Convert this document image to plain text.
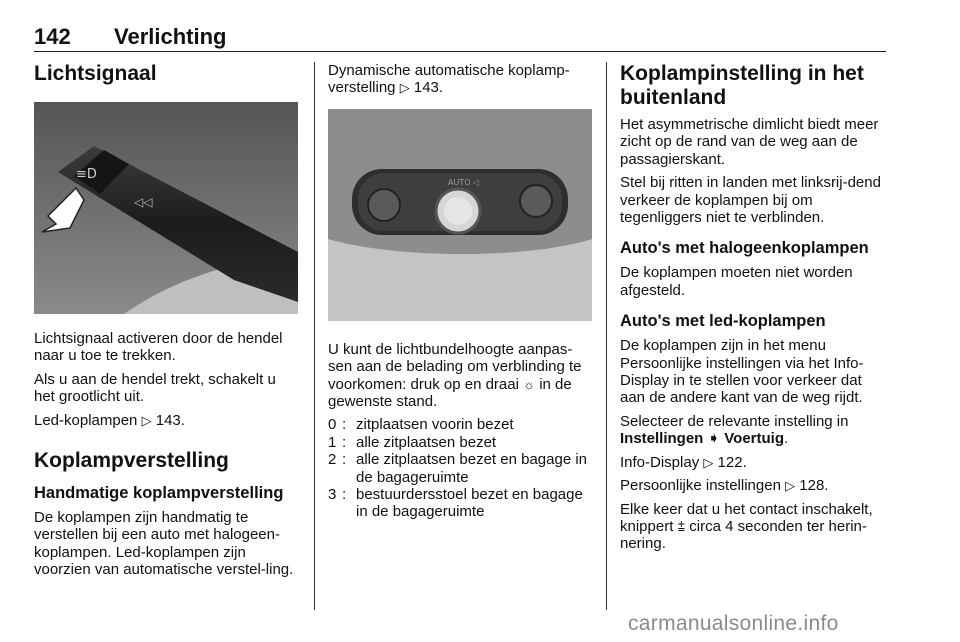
142 Verlichting
Lichtsignaal
≡D
◁◁

Lichtsignaal activeren door de hendel naar u toe te trekken.

Als u aan de hendel trekt, schakelt u het grootlicht uit.

Led-koplampen ▷ 143.

Koplampverstelling
Handmatige koplampverstelling

De koplampen zijn handmatig te verstellen bij een auto met halogeen-koplampen. Led-koplampen zijn voorzien van automatische verstel-ling.

Dynamische automatische koplamp-verstelling ▷ 143.

AUTO ◁

U kunt de lichtbundelhoogte aanpas-sen aan de belading om verblinding te voorkomen: druk op en draai ☼ in de gewenste stand.

0 : zitplaatsen voorin bezet
1 : alle zitplaatsen bezet
2 : alle zitplaatsen bezet en bagage in de bagageruimte
3 : bestuurdersstoel bezet en bagage in de bagageruimte
Koplampinstelling in het buitenland

Het asymmetrische dimlicht biedt meer zicht op de rand van de weg aan de passagierskant.

Stel bij ritten in landen met linksrij-dend verkeer de koplampen bij om tegenliggers niet te verblinden.

Auto's met halogeenkoplampen

De koplampen moeten niet worden afgesteld.

Auto's met led-koplampen

De koplampen zijn in het menu Persoonlijke instellingen via het Info-Display in te stellen voor verkeer dat aan de andere kant van de weg rijdt.

Selecteer de relevante instelling in Instellingen ➧ Voertuig.

Info-Display ▷ 122.

Persoonlijke instellingen ▷ 128.

Elke keer dat u het contact inschakelt, knippert ⩲ circa 4 seconden ter herin-nering.

carmanualsonline.info
